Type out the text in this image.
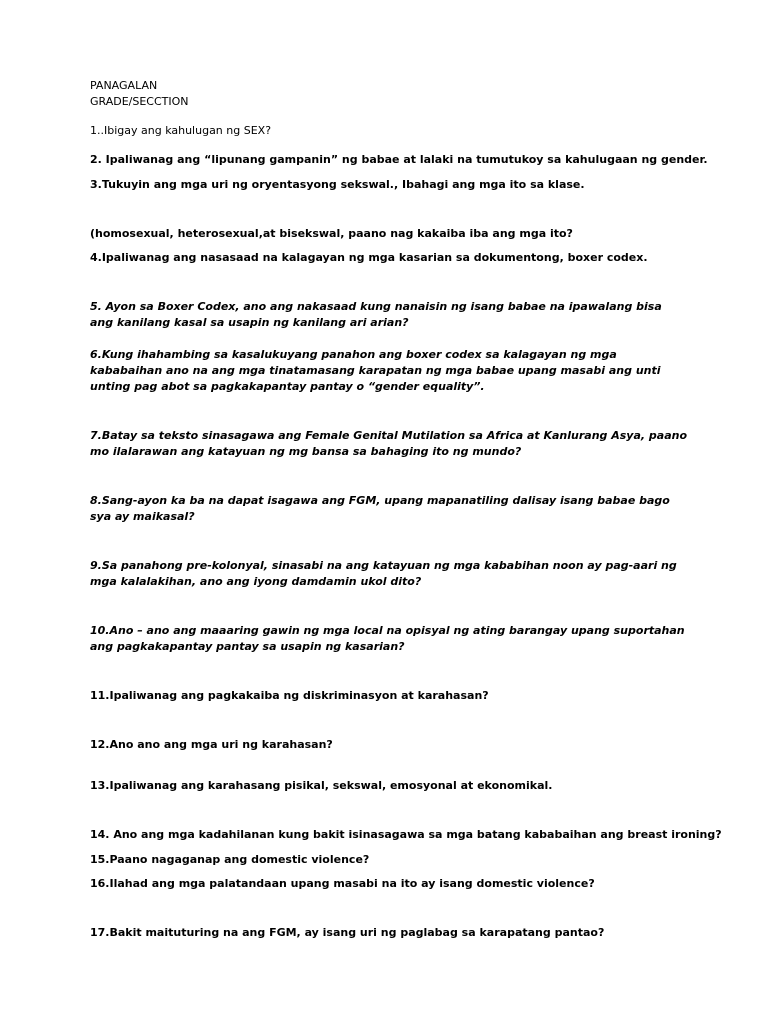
PANAGALAN
GRADE/SECCTION
1..Ibigay ang kahulugan ng SEX?
2. Ipaliwanag ang “lipunang gampanin” ng babae at lalaki na tumutukoy sa kahulugaan ng gender.
3.Tukuyin ang mga uri ng oryentasyong sekswal., Ibahagi ang mga ito sa klase.
(homosexual, heterosexual,at bisekswal, paano nag kakaiba iba ang mga ito?
4.Ipaliwanag ang nasasaad na kalagayan ng mga kasarian sa dokumentong, boxer codex.
5. Ayon sa Boxer Codex, ano ang nakasaad kung nanaisin ng isang babae na ipawalang bisa ang kanilang kasal sa usapin ng kanilang ari arian?
6.Kung ihahambing sa kasalukuyang panahon ang boxer codex sa kalagayan ng mga kababaihan ano na ang mga tinatamasang karapatan ng mga babae upang masabi ang unti unting pag abot sa pagkakapantay pantay o “gender equality”.
7.Batay sa teksto sinasagawa ang Female Genital Mutilation sa Africa at Kanlurang Asya, paano mo ilalarawan ang katayuan ng mg bansa sa bahaging ito ng mundo?
8.Sang-ayon ka ba na dapat isagawa ang FGM, upang mapanatiling dalisay isang babae bago sya ay maikasal?
9.Sa panahong pre-kolonyal, sinasabi na ang katayuan ng mga kababihan noon ay pag-aari ng mga kalalakihan, ano ang iyong damdamin ukol dito?
10.Ano – ano ang maaaring gawin ng mga local na opisyal ng ating barangay upang suportahan ang pagkakapantay pantay sa usapin ng kasarian?
11.Ipaliwanag ang pagkakaiba ng diskriminasyon at karahasan?
12.Ano ano ang mga uri ng karahasan?
13.Ipaliwanag ang karahasang pisikal, sekswal, emosyonal at ekonomikal.
14. Ano ang mga kadahilanan kung bakit isinasagawa sa mga batang kababaihan ang breast ironing?
15.Paano nagaganap ang domestic violence?
16.Ilahad ang mga palatandaan upang masabi na ito ay isang domestic violence?
17.Bakit maituturing na ang FGM, ay isang uri ng paglabag sa karapatang pantao?
